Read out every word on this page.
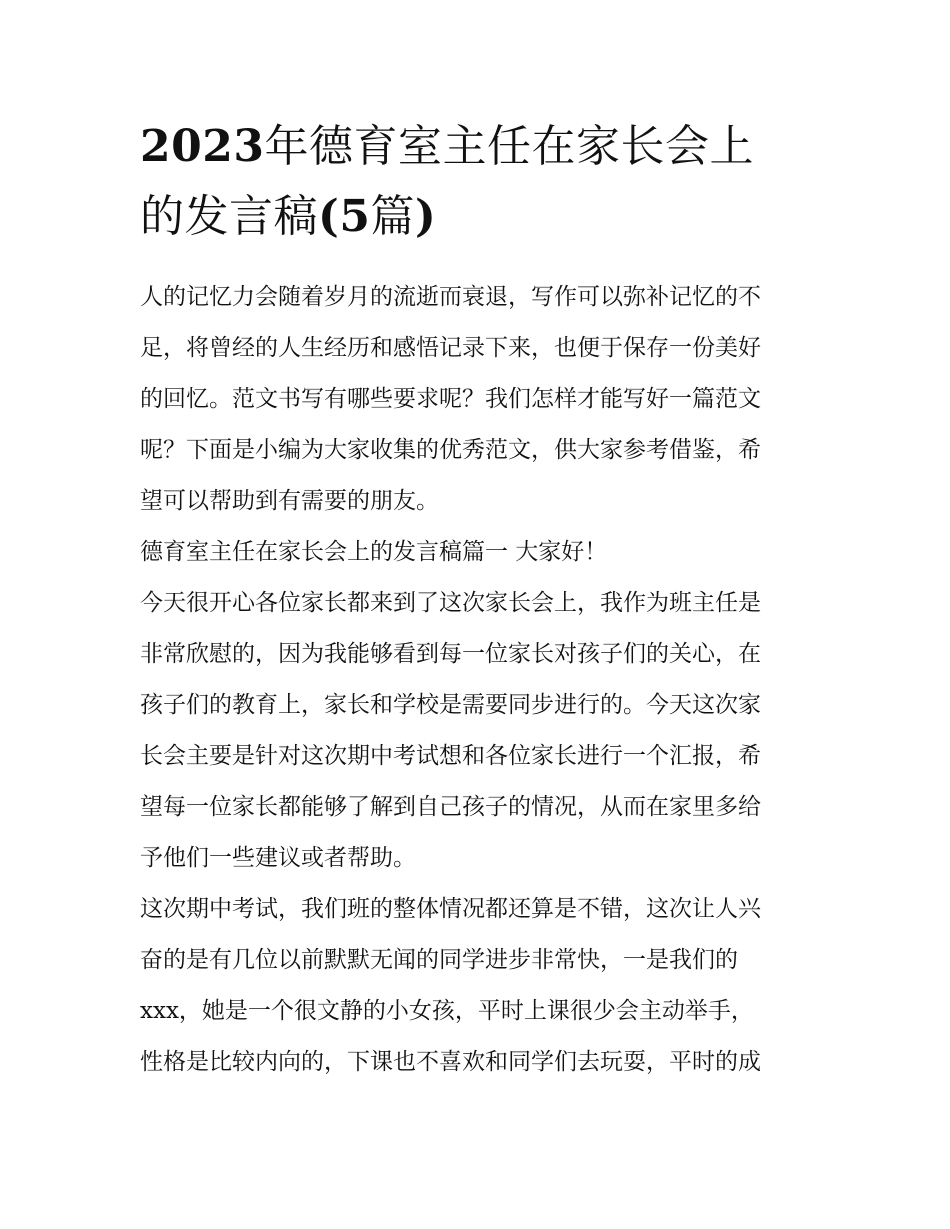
2023年德育室主任在家长会上
的发言稿(5篇)

人的记忆力会随着岁月的流逝而衰退，写作可以弥补记忆的不
足，将曾经的人生经历和感悟记录下来，也便于保存一份美好
的回忆。范文书写有哪些要求呢？我们怎样才能写好一篇范文
呢？下面是小编为大家收集的优秀范文，供大家参考借鉴，希
望可以帮助到有需要的朋友。

德育室主任在家长会上的发言稿篇一 大家好！

今天很开心各位家长都来到了这次家长会上，我作为班主任是
非常欣慰的，因为我能够看到每一位家长对孩子们的关心，在
孩子们的教育上，家长和学校是需要同步进行的。今天这次家
长会主要是针对这次期中考试想和各位家长进行一个汇报，希
望每一位家长都能够了解到自己孩子的情况，从而在家里多给
予他们一些建议或者帮助。

这次期中考试，我们班的整体情况都还算是不错，这次让人兴
奋的是有几位以前默默无闻的同学进步非常快，一是我们的
xxx，她是一个很文静的小女孩，平时上课很少会主动举手，
性格是比较内向的，下课也不喜欢和同学们去玩耍，平时的成
